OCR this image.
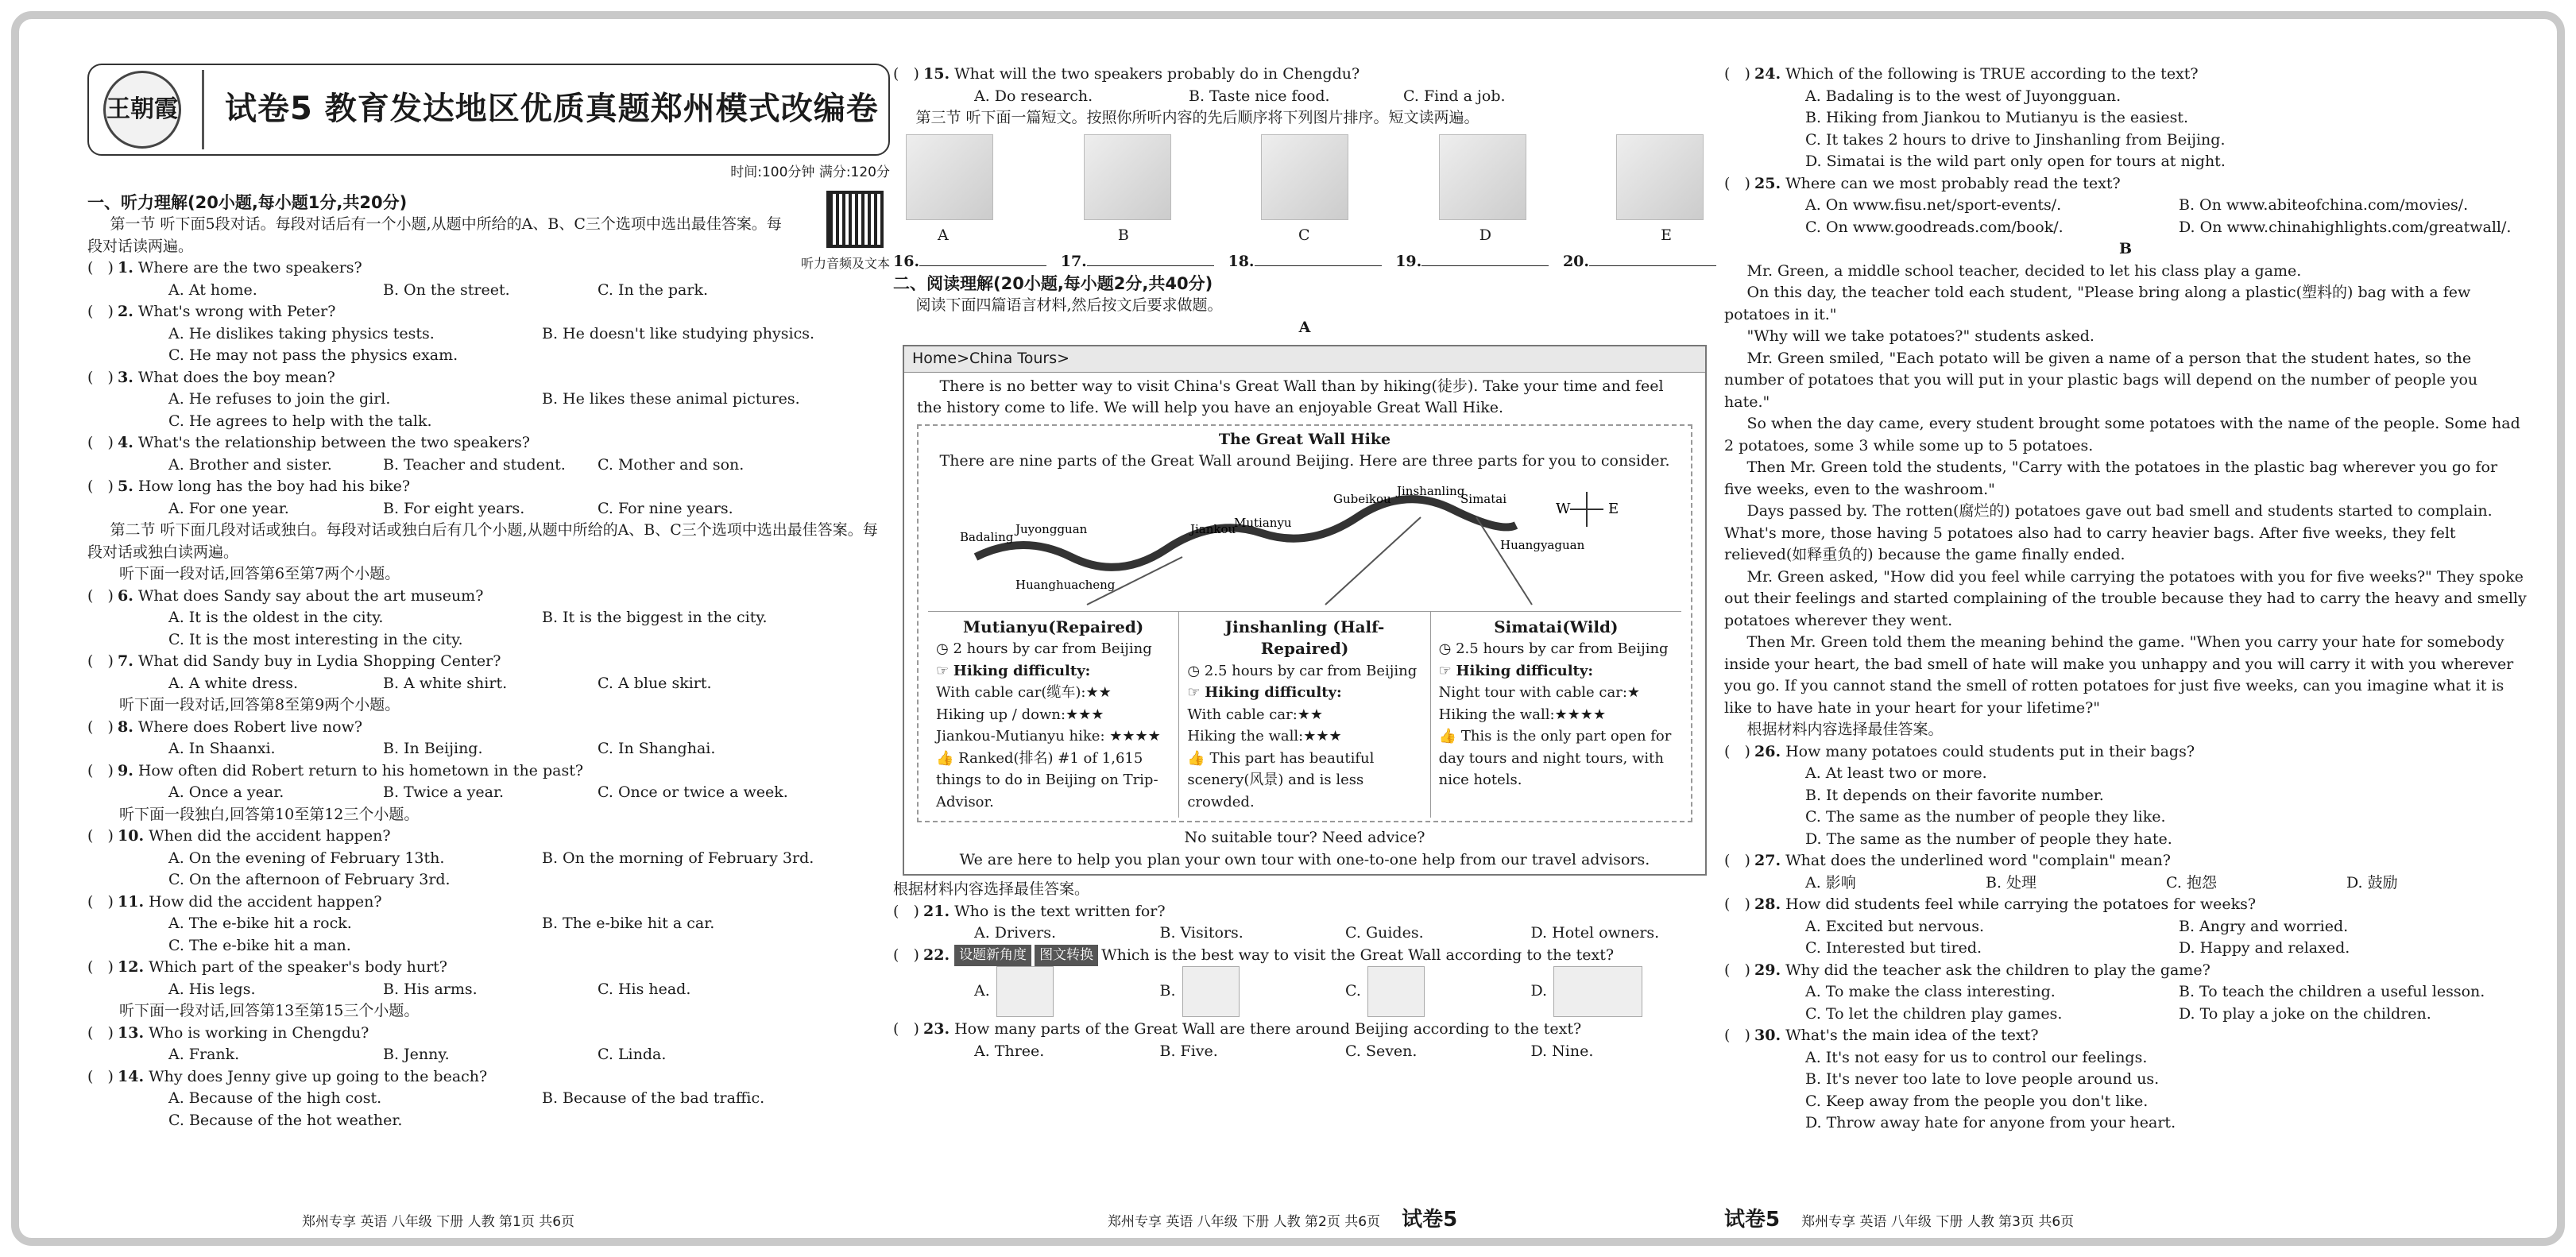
王朝霞 试卷5 教育发达地区优质真题郑州模式改编卷
时间:100分钟 满分:120分
听力音频及文本
一、听力理解(20小题,每小题1分,共20分)
第一节 听下面5段对话。每段对话后有一个小题,从题中所给的A、B、C三个选项中选出最佳答案。每段对话读两遍。
(   ) 1. Where are the two speakers?
A. At home.	B. On the street.	C. In the park.
(   ) 2. What's wrong with Peter?
A. He dislikes taking physics tests.	B. He doesn't like studying physics.
C. He may not pass the physics exam.
(   ) 3. What does the boy mean?
A. He refuses to join the girl.	B. He likes these animal pictures.
C. He agrees to help with the talk.
(   ) 4. What's the relationship between the two speakers?
A. Brother and sister.	B. Teacher and student.	C. Mother and son.
(   ) 5. How long has the boy had his bike?
A. For one year.	B. For eight years.	C. For nine years.
第二节 听下面几段对话或独白。每段对话或独白后有几个小题,从题中所给的A、B、C三个选项中选出最佳答案。每段对话或独白读两遍。
听下面一段对话,回答第6至第7两个小题。
(   ) 6. What does Sandy say about the art museum?
A. It is the oldest in the city.	B. It is the biggest in the city.
C. It is the most interesting in the city.
(   ) 7. What did Sandy buy in Lydia Shopping Center?
A. A white dress.	B. A white shirt.	C. A blue skirt.
听下面一段对话,回答第8至第9两个小题。
(   ) 8. Where does Robert live now?
A. In Shaanxi.	B. In Beijing.	C. In Shanghai.
(   ) 9. How often did Robert return to his hometown in the past?
A. Once a year.	B. Twice a year.	C. Once or twice a week.
听下面一段独白,回答第10至第12三个小题。
(   ) 10. When did the accident happen?
A. On the evening of February 13th.	B. On the morning of February 3rd.
C. On the afternoon of February 3rd.
(   ) 11. How did the accident happen?
A. The e-bike hit a rock.	B. The e-bike hit a car.
C. The e-bike hit a man.
(   ) 12. Which part of the speaker's body hurt?
A. His legs.	B. His arms.	C. His head.
听下面一段对话,回答第13至第15三个小题。
(   ) 13. Who is working in Chengdu?
A. Frank.	B. Jenny.	C. Linda.
(   ) 14. Why does Jenny give up going to the beach?
A. Because of the high cost.	B. Because of the bad traffic.
C. Because of the hot weather.
郑州专享 英语 八年级 下册 人教 第1页 共6页
(   ) 15. What will the two speakers probably do in Chengdu?
A. Do research.	B. Taste nice food.	C. Find a job.
第三节 听下面一篇短文。按照你所听内容的先后顺序将下列图片排序。短文读两遍。
A	B	C	D	E
16.	17.	18.	19.	20.
二、阅读理解(20小题,每小题2分,共40分)
阅读下面四篇语言材料,然后按文后要求做题。
A
Home>China Tours>
There is no better way to visit China's Great Wall than by hiking(徒步). Take your time and feel the history come to life. We will help you have an enjoyable Great Wall Hike.
The Great Wall Hike
There are nine parts of the Great Wall around Beijing. Here are three parts for you to consider.
Badaling
Juyongguan
Huanghuacheng
Jiankou
Mutianyu
Gubeikou
Jinshanling
Simatai
Huangyaguan
W	E
Mutianyu(Repaired)
◷ 2 hours by car from Beijing
☞ Hiking difficulty:
With cable car(缆车):★★
Hiking up / down:★★★
Jiankou-Mutianyu hike: ★★★★
👍 Ranked(排名) #1 of 1,615 things to do in Beijing on Trip-Advisor.
Jinshanling (Half-Repaired)
◷ 2.5 hours by car from Beijing
☞ Hiking difficulty:
With cable car:★★
Hiking the wall:★★★
👍 This part has beautiful scenery(风景) and is less crowded.
Simatai(Wild)
◷ 2.5 hours by car from Beijing
☞ Hiking difficulty:
Night tour with cable car:★
Hiking the wall:★★★★
👍 This is the only part open for day tours and night tours, with nice hotels.
No suitable tour? Need advice?
We are here to help you plan your own tour with one-to-one help from our travel advisors.
根据材料内容选择最佳答案。
(   ) 21. Who is the text written for?
A. Drivers.	B. Visitors.	C. Guides.	D. Hotel owners.
(   ) 22. 设题新角度 图文转换 Which is the best way to visit the Great Wall according to the text?
A.	B.	C.	D.
(   ) 23. How many parts of the Great Wall are there around Beijing according to the text?
A. Three.	B. Five.	C. Seven.	D. Nine.
郑州专享 英语 八年级 下册 人教 第2页 共6页 试卷5
(   ) 24. Which of the following is TRUE according to the text?
A. Badaling is to the west of Juyongguan.
B. Hiking from Jiankou to Mutianyu is the easiest.
C. It takes 2 hours to drive to Jinshanling from Beijing.
D. Simatai is the wild part only open for tours at night.
(   ) 25. Where can we most probably read the text?
A. On www.fisu.net/sport-events/.	B. On www.abiteofchina.com/movies/.
C. On www.goodreads.com/book/.	D. On www.chinahighlights.com/greatwall/.
B
Mr. Green, a middle school teacher, decided to let his class play a game.
On this day, the teacher told each student, "Please bring along a plastic(塑料的) bag with a few potatoes in it."
"Why will we take potatoes?" students asked.
Mr. Green smiled, "Each potato will be given a name of a person that the student hates, so the number of potatoes that you will put in your plastic bags will depend on the number of people you hate."
So when the day came, every student brought some potatoes with the name of the people. Some had 2 potatoes, some 3 while some up to 5 potatoes.
Then Mr. Green told the students, "Carry with the potatoes in the plastic bag wherever you go for five weeks, even to the washroom."
Days passed by. The rotten(腐烂的) potatoes gave out bad smell and students started to complain. What's more, those having 5 potatoes also had to carry heavier bags. After five weeks, they felt relieved(如释重负的) because the game finally ended.
Mr. Green asked, "How did you feel while carrying the potatoes with you for five weeks?" They spoke out their feelings and started complaining of the trouble because they had to carry the heavy and smelly potatoes wherever they went.
Then Mr. Green told them the meaning behind the game. "When you carry your hate for somebody inside your heart, the bad smell of hate will make you unhappy and you will carry it with you wherever you go. If you cannot stand the smell of rotten potatoes for just five weeks, can you imagine what it is like to have hate in your heart for your lifetime?"
根据材料内容选择最佳答案。
(   ) 26. How many potatoes could students put in their bags?
A. At least two or more.
B. It depends on their favorite number.
C. The same as the number of people they like.
D. The same as the number of people they hate.
(   ) 27. What does the underlined word "complain" mean?
A. 影响	B. 处理	C. 抱怨	D. 鼓励
(   ) 28. How did students feel while carrying the potatoes for weeks?
A. Excited but nervous.	B. Angry and worried.
C. Interested but tired.	D. Happy and relaxed.
(   ) 29. Why did the teacher ask the children to play the game?
A. To make the class interesting.	B. To teach the children a useful lesson.
C. To let the children play games.	D. To play a joke on the children.
(   ) 30. What's the main idea of the text?
A. It's not easy for us to control our feelings.
B. It's never too late to love people around us.
C. Keep away from the people you don't like.
D. Throw away hate for anyone from your heart.
试卷5 郑州专享 英语 八年级 下册 人教 第3页 共6页
